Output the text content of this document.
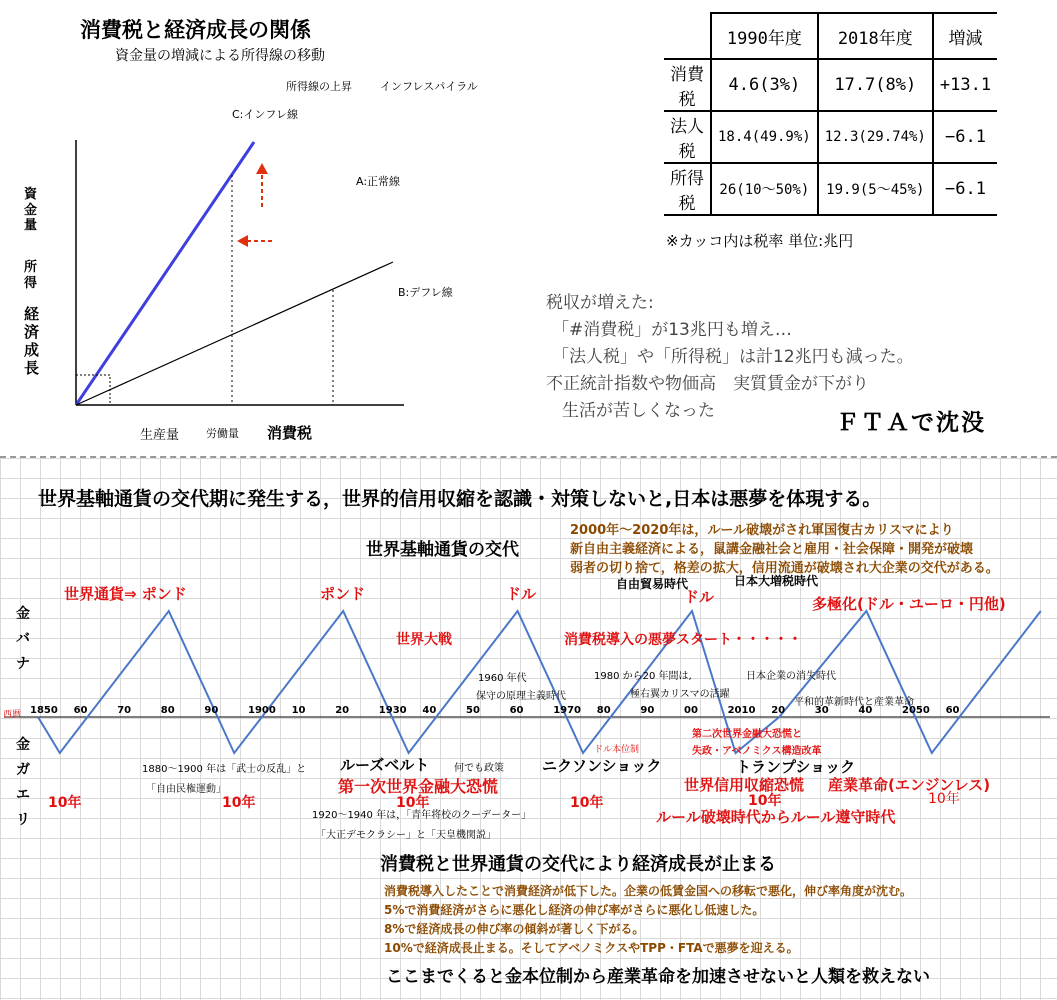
消費税と経済成長の関係
資金量の増減による所得線の移動
所得線の上昇	インフレスパイラル
C:インフレ線
A:正常線
B:デフレ線
資金量
所得
経済成長
生産量 労働量 消費税
	1990年度	2018年度	増減
消費税	4.6(3%)	17.7(8%)	+13.1
法人税	18.4(49.9%)	12.3(29.74%)	−6.1
所得税	26(10〜50%)	19.9(5〜45%)	−6.1
※カッコ内は税率 単位:兆円
税収が増えた:
「#消費税」が13兆円も増え…
「法人税」や「所得税」は計12兆円も減った。
不正統計指数や物価高　実質賃金が下がり
生活が苦しくなった	ＦＴＡで沈没
世界基軸通貨の交代期に発生する，世界的信用収縮を認識・対策しないと,日本は悪夢を体現する。
世界基軸通貨の交代
2000年〜2020年は，ルール破壊がされ軍国復古カリスマにより
新自由主義経済による，鼠講金融社会と雇用・社会保障・開発が破壊
弱者の切り捨て，格差の拡大，信用流通が破壊され大企業の交代がある。
金
バ
ナ
金
ガ
エ
リ
世界通貨⇒ ポンド	ポンド	ドル	ドル	多極化(ドル・ユーロ・円他)
自由貿易時代	日本大増税時代
世界大戦	消費税導入の悪夢スタート・・・・・
1960 年代
保守の原理主義時代
1980 から20 年間は,
極右翼カリスマの活躍
日本企業の消失時代
平和的革新時代と産業革命
1850 60	70	80	90	1900 10	20	1930 40	50	60	1970 80	90	00	2010 20	30	40	2050 60
西暦
ドル本位制
第二次世界金融大恐慌と
失政・アベノミクス構造改革
1880〜1900 年は「武士の反乱」と
「自由民権運動」
ルーズベルト 何でも政策
第一次世界金融大恐慌
ニクソンショック	トランプショック
世界信用収縮恐慌 産業革命(エンジンレス)
10年	10年	10年	10年	10年	10年
1920〜1940 年は，「青年将校のクーデーター」
「大正デモクラシー」と「天皇機関説」
ルール破壊時代からルール遵守時代
消費税と世界通貨の交代により経済成長が止まる
消費税導入したことで消費経済が低下した。企業の低賃金国への移転で悪化，伸び率角度が沈む。
5%で消費経済がさらに悪化し経済の伸び率がさらに悪化し低速した。
8%で経済成長の伸び率の傾斜が著しく下がる。
10%で経済成長止まる。そしてアベノミクスやTPP・FTAで悪夢を迎える。
ここまでくると金本位制から産業革命を加速させないと人類を救えない
